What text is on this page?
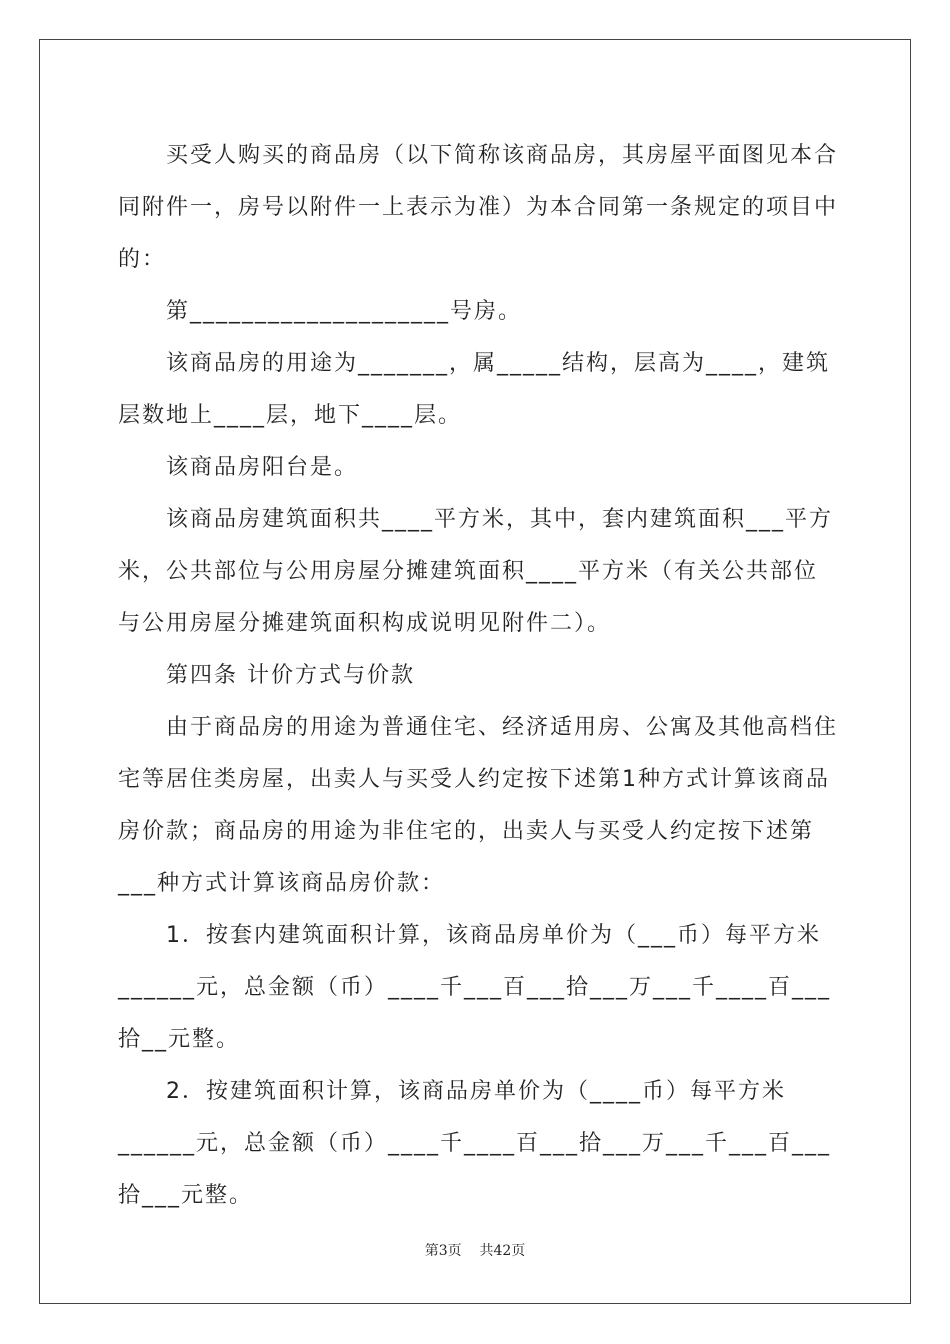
买受人购买的商品房（以下简称该商品房，其房屋平面图见本合同附件一，房号以附件一上表示为准）为本合同第一条规定的项目中的：

第____________________号房。

该商品房的用途为_______，属_____结构，层高为____，建筑层数地上____层，地下____层。

该商品房阳台是。

该商品房建筑面积共____平方米，其中，套内建筑面积___平方米，公共部位与公用房屋分摊建筑面积____平方米（有关公共部位与公用房屋分摊建筑面积构成说明见附件二）。

第四条 计价方式与价款

由于商品房的用途为普通住宅、经济适用房、公寓及其他高档住宅等居住类房屋，出卖人与买受人约定按下述第1种方式计算该商品房价款；商品房的用途为非住宅的，出卖人与买受人约定按下述第___种方式计算该商品房价款：

1．按套内建筑面积计算，该商品房单价为（___币）每平方米______元，总金额（币）____千___百___拾___万___千____百___拾__元整。

2．按建筑面积计算，该商品房单价为（____币）每平方米______元，总金额（币）____千____百___拾___万___千___百___拾___元整。

第3页 共42页
